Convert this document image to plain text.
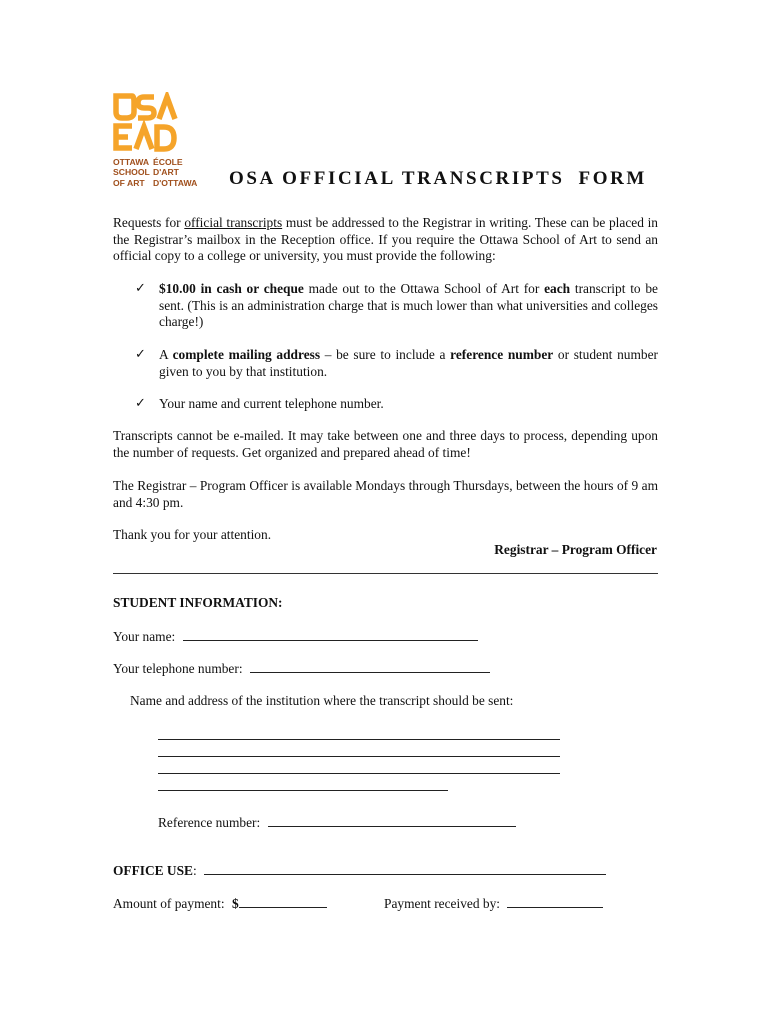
OTTAWA ÉCOLE
SCHOOL D'ART
OF ART D'OTTAWA OSA OFFICIAL TRANSCRIPTS FORM

Requests for official transcripts must be addressed to the Registrar in writing. These can be placed in the Registrar’s mailbox in the Reception office. If you require the Ottawa School of Art to send an official copy to a college or university, you must provide the following:

✓ $10.00 in cash or cheque made out to the Ottawa School of Art for each transcript to be sent. (This is an administration charge that is much lower than what universities and colleges charge!)
✓ A complete mailing address – be sure to include a reference number or student number given to you by that institution.
✓ Your name and current telephone number.

Transcripts cannot be e-mailed. It may take between one and three days to process, depending upon the number of requests. Get organized and prepared ahead of time!

The Registrar – Program Officer is available Mondays through Thursdays, between the hours of 9 am and 4:30 pm.

Thank you for your attention.

Registrar – Program Officer
STUDENT INFORMATION:
Your name:
Your telephone number:
Name and address of the institution where the transcript should be sent:
Reference number:
OFFICE USE:
Amount of payment: $	Payment received by:
